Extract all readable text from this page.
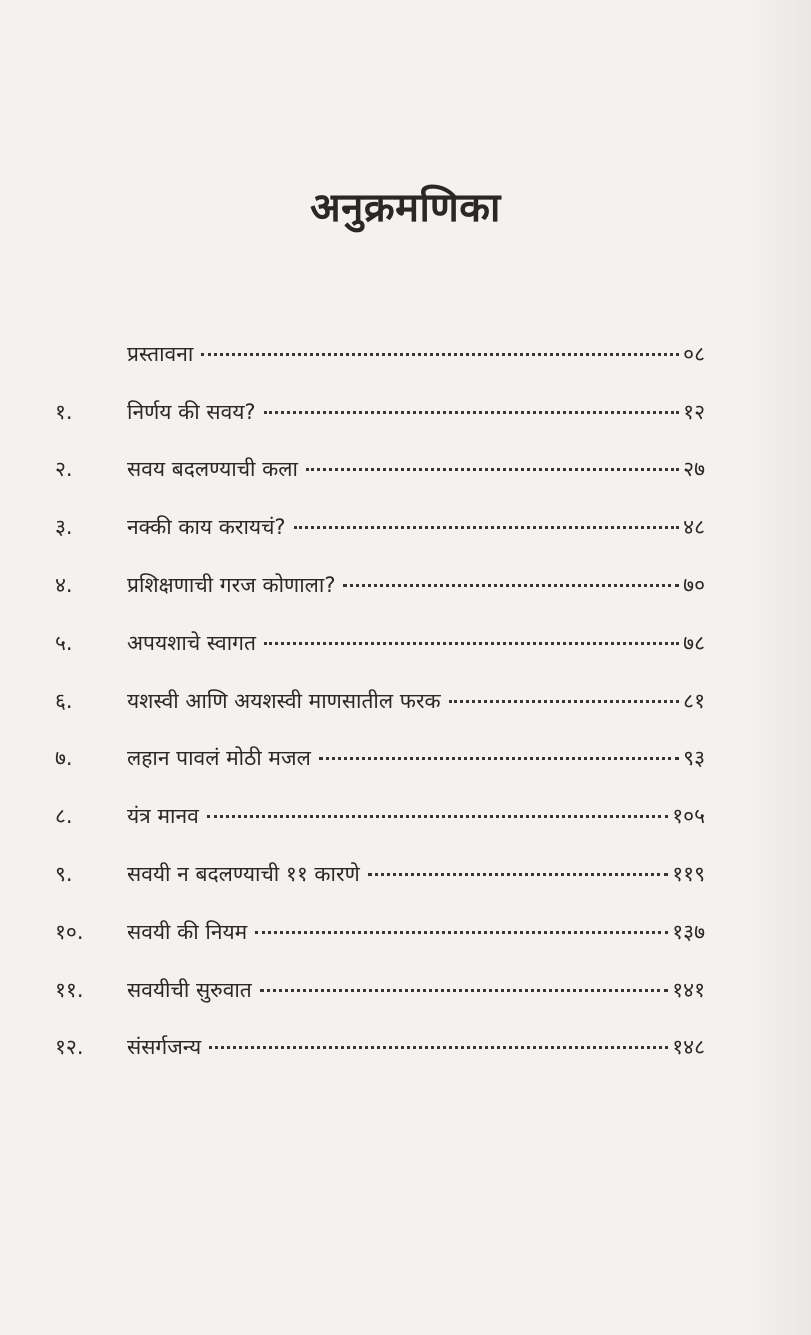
अनुक्रमणिका
प्रस्तावना	०८
१.	निर्णय की सवय?	१२
२.	सवय बदलण्याची कला	२७
३.	नक्की काय करायचं?	४८
४.	प्रशिक्षणाची गरज कोणाला?	७०
५.	अपयशाचे स्वागत	७८
६.	यशस्वी आणि अयशस्वी माणसातील फरक	८१
७.	लहान पावलं मोठी मजल	९३
८.	यंत्र मानव	१०५
९.	सवयी न बदलण्याची ११ कारणे	११९
१०.	सवयी की नियम	१३७
११.	सवयीची सुरुवात	१४१
१२.	संसर्गजन्य	१४८
